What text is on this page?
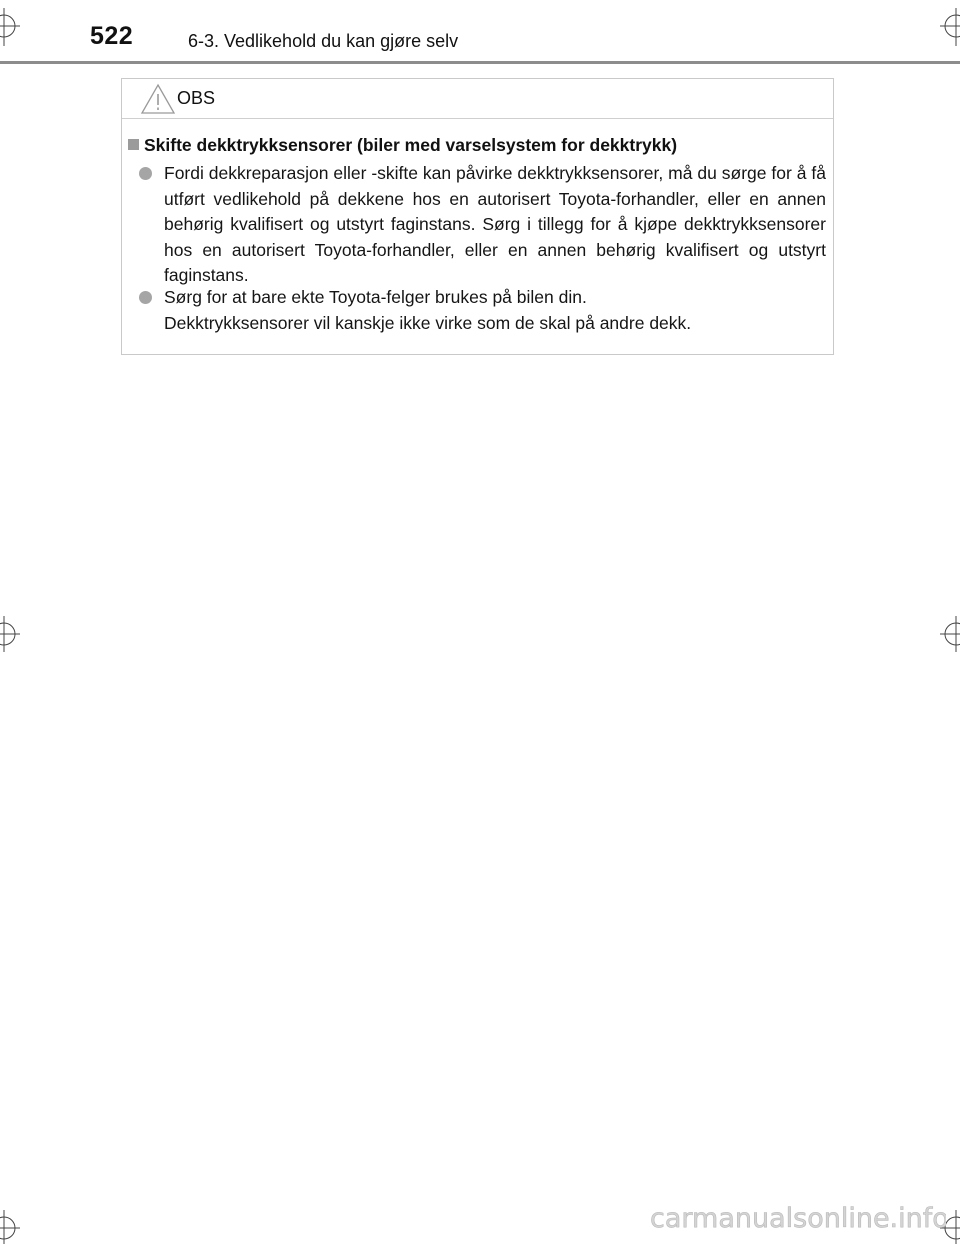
522	6-3. Vedlikehold du kan gjøre selv
OBS
Skifte dekktrykksensorer (biler med varselsystem for dekktrykk)
Fordi dekkreparasjon eller -skifte kan påvirke dekktrykksensorer, må du sørge for å få utført vedlikehold på dekkene hos en autorisert Toyota-forhandler, eller en annen behørig kvalifisert og utstyrt faginstans. Sørg i tillegg for å kjøpe dekktrykksensorer hos en autorisert Toyota-forhandler, eller en annen behørig kvalifisert og utstyrt faginstans.
Sørg for at bare ekte Toyota-felger brukes på bilen din.
Dekktrykksensorer vil kanskje ikke virke som de skal på andre dekk.
carmanualsonline.info
